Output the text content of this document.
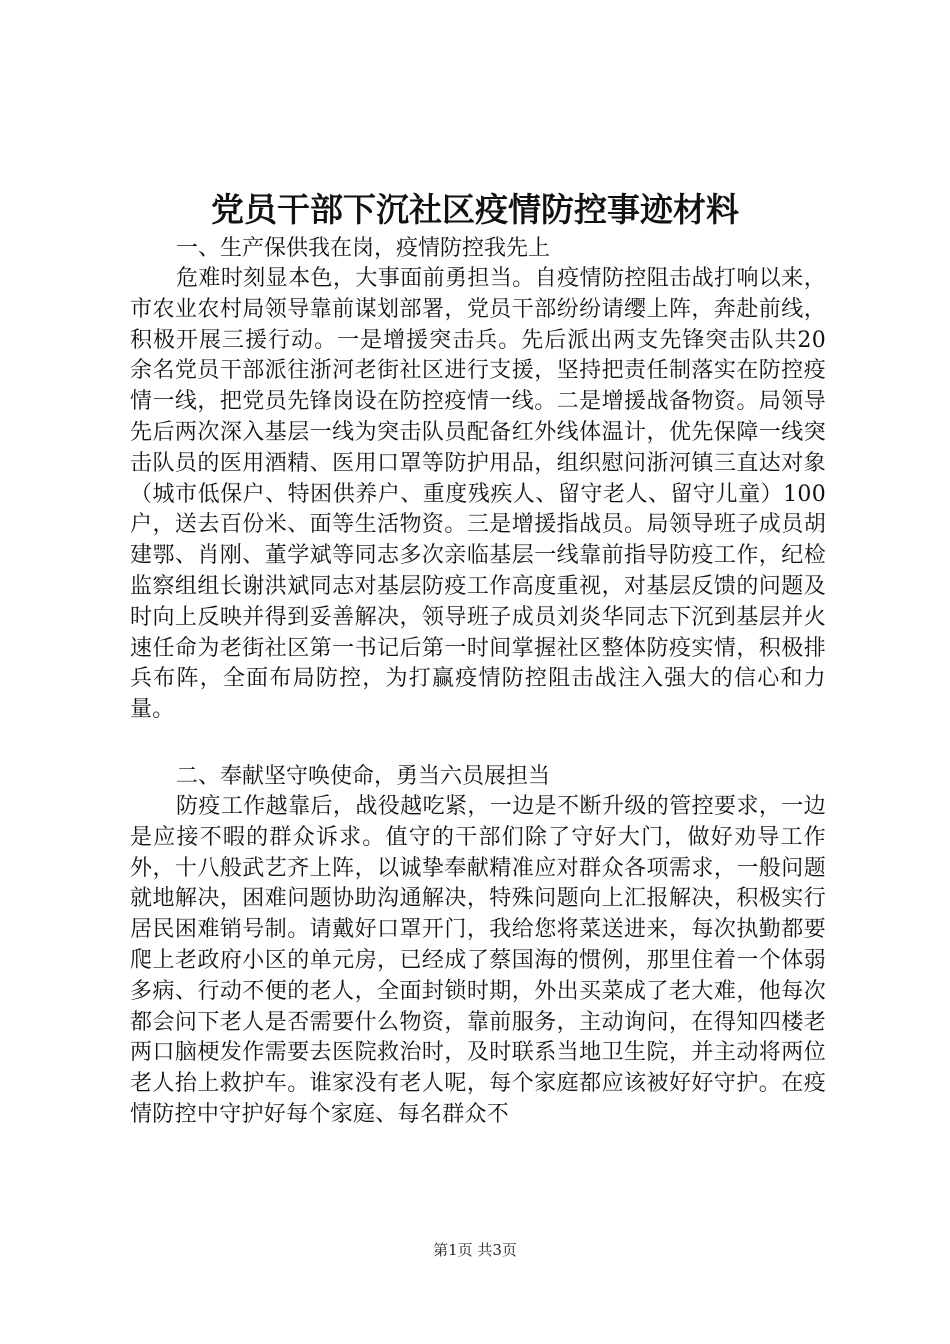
党员干部下沉社区疫情防控事迹材料

一、生产保供我在岗，疫情防控我先上

危难时刻显本色，大事面前勇担当。自疫情防控阻击战打响以来，市农业农村局领导靠前谋划部署，党员干部纷纷请缨上阵，奔赴前线，积极开展三援行动。一是增援突击兵。先后派出两支先锋突击队共20余名党员干部派往浙河老街社区进行支援，坚持把责任制落实在防控疫情一线，把党员先锋岗设在防控疫情一线。二是增援战备物资。局领导先后两次深入基层一线为突击队员配备红外线体温计，优先保障一线突击队员的医用酒精、医用口罩等防护用品，组织慰问浙河镇三直达对象（城市低保户、特困供养户、重度残疾人、留守老人、留守儿童）100户，送去百份米、面等生活物资。三是增援指战员。局领导班子成员胡建鄂、肖刚、董学斌等同志多次亲临基层一线靠前指导防疫工作，纪检监察组组长谢洪斌同志对基层防疫工作高度重视，对基层反馈的问题及时向上反映并得到妥善解决，领导班子成员刘炎华同志下沉到基层并火速任命为老街社区第一书记后第一时间掌握社区整体防疫实情，积极排兵布阵，全面布局防控，为打赢疫情防控阻击战注入强大的信心和力量。

二、奉献坚守唤使命，勇当六员展担当

防疫工作越靠后，战役越吃紧，一边是不断升级的管控要求，一边是应接不暇的群众诉求。值守的干部们除了守好大门，做好劝导工作外，十八般武艺齐上阵，以诚挚奉献精准应对群众各项需求，一般问题就地解决，困难问题协助沟通解决，特殊问题向上汇报解决，积极实行居民困难销号制。请戴好口罩开门，我给您将菜送进来，每次执勤都要爬上老政府小区的单元房，已经成了蔡国海的惯例，那里住着一个体弱多病、行动不便的老人，全面封锁时期，外出买菜成了老大难，他每次都会问下老人是否需要什么物资，靠前服务，主动询问，在得知四楼老两口脑梗发作需要去医院救治时，及时联系当地卫生院，并主动将两位老人抬上救护车。谁家没有老人呢，每个家庭都应该被好好守护。在疫情防控中守护好每个家庭、每名群众不

第1页 共3页
